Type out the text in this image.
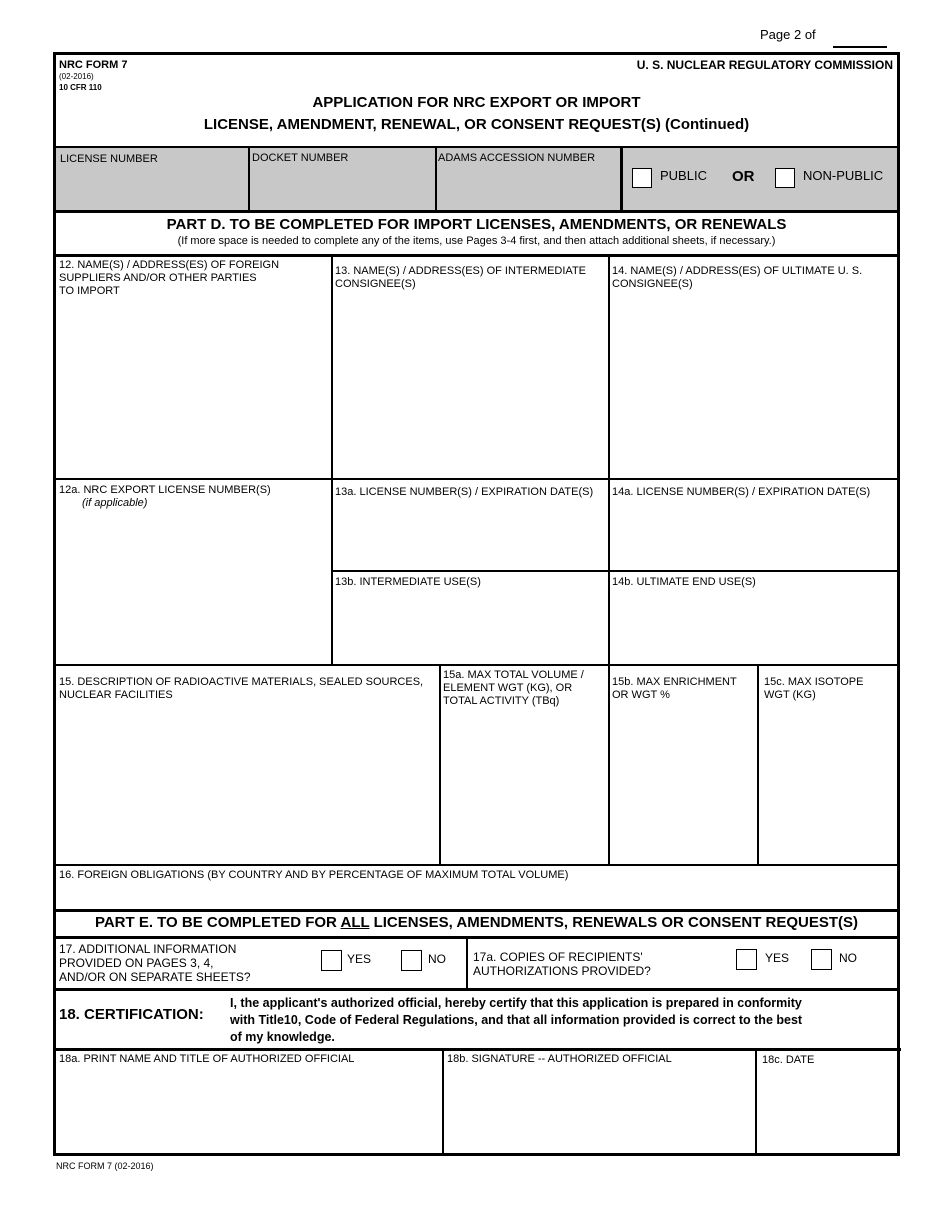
Page 2 of
NRC FORM 7
(02-2016)
10 CFR 110
U. S. NUCLEAR REGULATORY COMMISSION
APPLICATION FOR NRC EXPORT OR IMPORT
LICENSE, AMENDMENT, RENEWAL, OR CONSENT REQUEST(S) (Continued)
LICENSE NUMBER	DOCKET NUMBER	ADAMS ACCESSION NUMBER
PUBLIC OR	NON-PUBLIC
PART D. TO BE COMPLETED FOR IMPORT LICENSES, AMENDMENTS, OR RENEWALS
(If more space is needed to complete any of the items, use Pages 3-4 first, and then attach additional sheets, if necessary.)
12. NAME(S) / ADDRESS(ES) OF FOREIGN
SUPPLIERS AND/OR OTHER PARTIES
TO IMPORT
13. NAME(S) / ADDRESS(ES) OF INTERMEDIATE
CONSIGNEE(S)
14. NAME(S) / ADDRESS(ES) OF ULTIMATE U. S.
CONSIGNEE(S)
12a. NRC EXPORT LICENSE NUMBER(S)
(if applicable)
13a. LICENSE NUMBER(S) / EXPIRATION DATE(S) 14a. LICENSE NUMBER(S) / EXPIRATION DATE(S)
13b. INTERMEDIATE USE(S)	14b. ULTIMATE END USE(S)
15. DESCRIPTION OF RADIOACTIVE MATERIALS, SEALED SOURCES,
NUCLEAR FACILITIES
15a. MAX TOTAL VOLUME /
ELEMENT WGT (KG), OR
TOTAL ACTIVITY (TBq)
15b. MAX ENRICHMENT
OR WGT %
15c. MAX ISOTOPE
WGT (KG)
16. FOREIGN OBLIGATIONS (BY COUNTRY AND BY PERCENTAGE OF MAXIMUM TOTAL VOLUME)
PART E. TO BE COMPLETED FOR ALL LICENSES, AMENDMENTS, RENEWALS OR CONSENT REQUEST(S)
17. ADDITIONAL INFORMATION
PROVIDED ON PAGES 3, 4,
AND/OR ON SEPARATE SHEETS?
YES	NO 17a. COPIES OF RECIPIENTS'
AUTHORIZATIONS PROVIDED?
YES	NO
18. CERTIFICATION:
I, the applicant's authorized official, hereby certify that this application is prepared in conformity
with Title10, Code of Federal Regulations, and that all information provided is correct to the best
of my knowledge.
18a. PRINT NAME AND TITLE OF AUTHORIZED OFFICIAL	18b. SIGNATURE -- AUTHORIZED OFFICIAL	18c. DATE
NRC FORM 7 (02-2016)
